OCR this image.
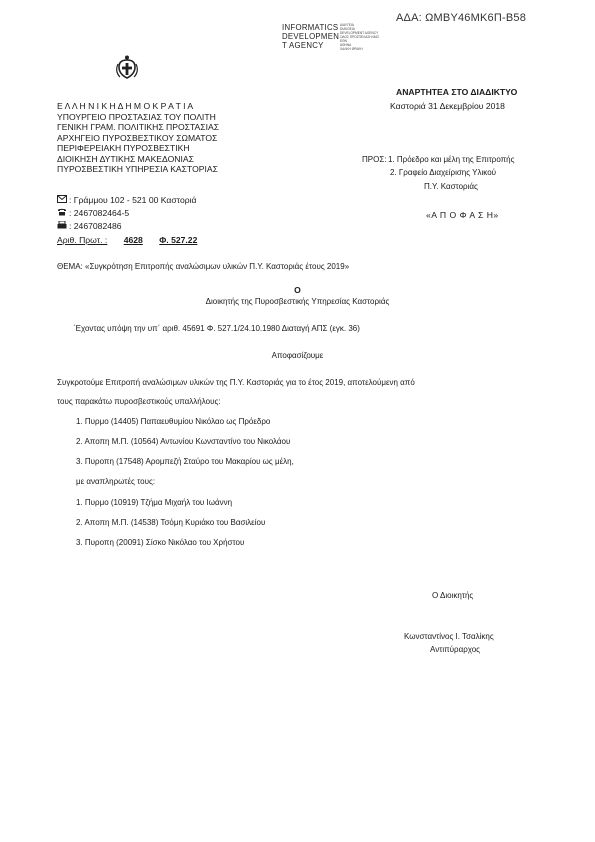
ΑΔΑ: ΩΜΒΥ46ΜΚ6Π-Β58
INFORMATICS
DEVELOPMEN
T AGENCY
ΔΙΑΥΓΕΙΑ
DIAVGEIA
DEVELOPMENT AGENCY
ΟΔΟΣ ΠΡΟΣΠΕΛΑΣΗ ΜΑΣ
ΕΘΝ
ΑΘΗΝΑ
ΧΑΛΚΗ ΘΡΑΚΗ
ΑΝΑΡΤΗΤΕΑ ΣΤΟ ΔΙΑΔΙΚΤΥΟ
Καστοριά 31 Δεκεμβρίου 2018
Ε Λ Λ Η Ν Ι Κ Η Δ Η Μ Ο Κ Ρ Α Τ Ι Α
ΥΠΟΥΡΓΕΙΟ ΠΡΟΣΤΑΣΙΑΣ ΤΟΥ ΠΟΛΙΤΗ
ΓΕΝΙΚΗ ΓΡΑΜ. ΠΟΛΙΤΙΚΗΣ ΠΡΟΣΤΑΣΙΑΣ
ΑΡΧΗΓΕΙΟ ΠΥΡΟΣΒΕΣΤΙΚΟΥ ΣΩΜΑΤΟΣ
ΠΕΡΙΦΕΡΕΙΑΚΗ ΠΥΡΟΣΒΕΣΤΙΚΗ
ΔΙΟΙΚΗΣΗ ΔΥΤΙΚΗΣ ΜΑΚΕΔΟΝΙΑΣ
ΠΥΡΟΣΒΕΣΤΙΚΗ ΥΠΗΡΕΣΙΑ ΚΑΣΤΟΡΙΑΣ
: Γράμμου 102 - 521 00 Καστοριά
: 2467082464-5
: 2467082486
Αριθ. Πρωτ. : 4628 Φ. 527.22
ΠΡΟΣ: 1. Πρόεδρο και μέλη της Επιτροπής
2. Γραφείο Διαχείρισης Υλικού
Π.Υ. Καστοριάς
«Α Π Ο Φ Α Σ Η»
ΘΕΜΑ: «Συγκρότηση Επιτροπής αναλώσιμων υλικών Π.Υ. Καστοριάς έτους 2019»
Ο
Διοικητής της Πυροσβεστικής Υπηρεσίας Καστοριάς
΄Εχοντας υπόψη την υπ΄ αριθ. 45691 Φ. 527.1/24.10.1980 Διαταγή ΑΠΣ (εγκ. 36)
Αποφασίζουμε
Συγκροτούμε Επιτροπή αναλώσιμων υλικών της Π.Υ. Καστοριάς για το έτος 2019, αποτελούμενη από
τους παρακάτω πυροσβεστικούς υπαλλήλους:
1. Πυρμο (14405) Παπαευθυμίου Νικόλαο ως Πρόεδρο
2. Αποπη Μ.Π. (10564) Αντωνίου Κωνσταντίνο του Νικολάου
3. Πυροπη (17548) Αρομπεζή Σταύρο του Μακαρίου ως μέλη,
με αναπληρωτές τους:
1. Πυρμο (10919) Τζήμα Μιχαήλ του Ιωάννη
2. Αποπη Μ.Π. (14538) Τσόμη Κυριάκο του Βασιλείου
3. Πυροπη (20091) Σίσκο Νικόλαο του Χρήστου
Ο Διοικητής
Κωνσταντίνος Ι. Τσαλίκης
Αντιπύραρχος
